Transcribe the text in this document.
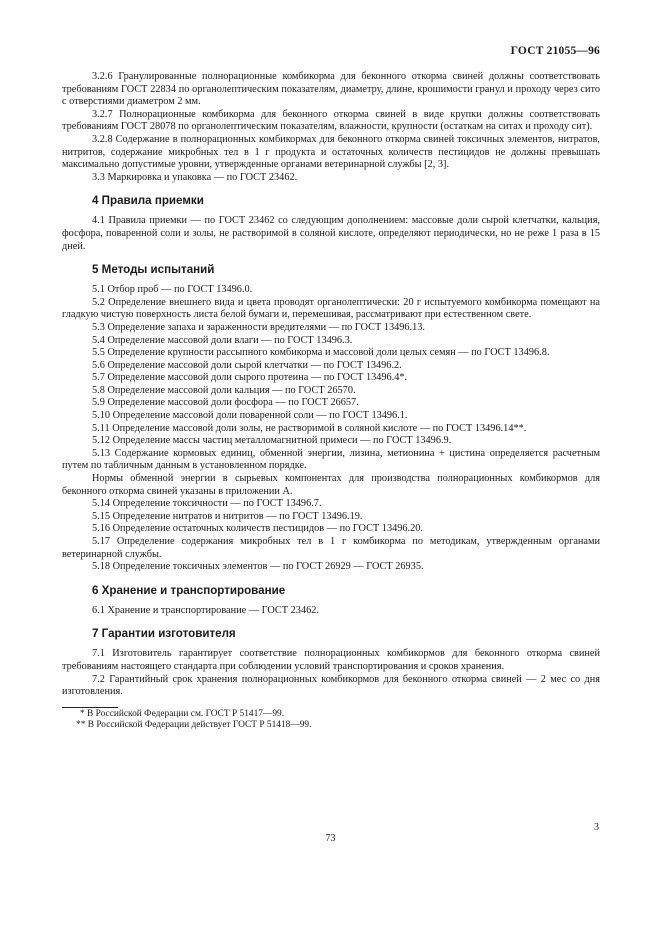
ГОСТ 21055—96

3.2.6 Гранулированные полнорационные комбикорма для беконного откорма свиней должны соответствовать требованиям ГОСТ 22834 по органолептическим показателям, диаметру, длине, крошимости гранул и проходу через сито с отверстиями диаметром 2 мм.

3.2.7 Полнорационные комбикорма для беконного откорма свиней в виде крупки должны соответствовать требованиям ГОСТ 28078 по органолептическим показателям, влажности, крупности (остаткам на ситах и проходу сит).

3.2.8 Содержание в полнорационных комбикормах для беконного откорма свиней токсичных элементов, нитратов, нитритов, содержание микробных тел в 1 г продукта и остаточных количеств пестицидов не должны превышать максимально допустимые уровни, утвержденные органами ветеринарной службы [2, 3].

3.3 Маркировка и упаковка — по ГОСТ 23462.

4 Правила приемки

4.1 Правила приемки — по ГОСТ 23462 со следующим дополнением: массовые доли сырой клетчатки, кальция, фосфора, поваренной соли и золы, не растворимой в соляной кислоте, определяют периодически, но не реже 1 раза в 15 дней.

5 Методы испытаний

5.1 Отбор проб — по ГОСТ 13496.0.

5.2 Определение внешнего вида и цвета проводят органолептически: 20 г испытуемого комбикорма помещают на гладкую чистую поверхность листа белой бумаги и, перемешивая, рассматривают при естественном свете.

5.3 Определение запаха и зараженности вредителями — по ГОСТ 13496.13.

5.4 Определение массовой доли влаги — по ГОСТ 13496.3.

5.5 Определение крупности рассыпного комбикорма и массовой доли целых семян — по ГОСТ 13496.8.

5.6 Определение массовой доли сырой клетчатки — по ГОСТ 13496.2.

5.7 Определение массовой доли сырого протеина — по ГОСТ 13496.4*.

5.8 Определение массовой доли кальция — по ГОСТ 26570.

5.9 Определение массовой доли фосфора — по ГОСТ 26657.

5.10 Определение массовой доли поваренной соли — по ГОСТ 13496.1.

5.11 Определение массовой доли золы, не растворимой в соляной кислоте — по ГОСТ 13496.14**.

5.12 Определение массы частиц металломагнитной примеси — по ГОСТ 13496.9.

5.13 Содержание кормовых единиц, обменной энергии, лизина, метионина + цистина определяется расчетным путем по табличным данным в установленном порядке.

Нормы обменной энергии в сырьевых компонентах для производства полнорационных комбикормов для беконного откорма свиней указаны в приложении А.

5.14 Определение токсичности — по ГОСТ 13496.7.

5.15 Определение нитратов и нитритов — по ГОСТ 13496.19.

5.16 Определение остаточных количеств пестицидов — по ГОСТ 13496.20.

5.17 Определение содержания микробных тел в 1 г комбикорма по методикам, утвержденным органами ветеринарной службы.

5.18 Определение токсичных элементов — по ГОСТ 26929 — ГОСТ 26935.

6 Хранение и транспортирование

6.1 Хранение и транспортирование — ГОСТ 23462.

7 Гарантии изготовителя

7.1 Изготовитель гарантирует соответствие полнорационных комбикормов для беконного откорма свиней требованиям настоящего стандарта при соблюдении условий транспортирования и сроков хранения.

7.2 Гарантийный срок хранения полнорационных комбикормов для беконного откорма свиней — 2 мес со дня изготовления.

* В Российской Федерации см. ГОСТ Р 51417—99.

** В Российской Федерации действует ГОСТ Р 51418—99.

3
73
